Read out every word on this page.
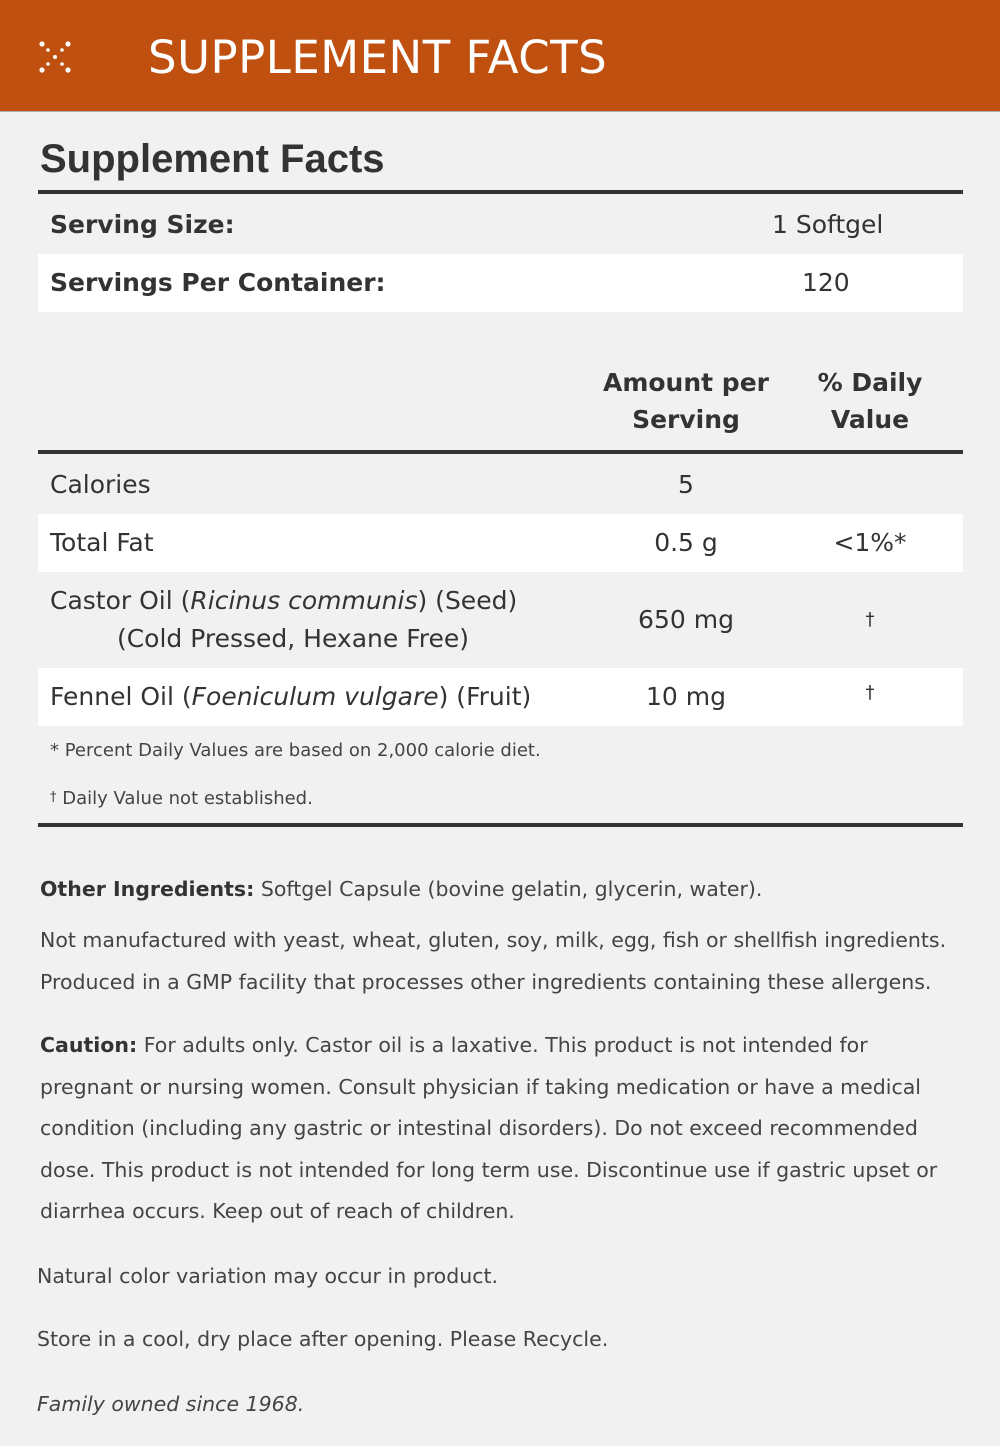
SUPPLEMENT FACTS
Supplement Facts
Serving Size:	1 Softgel
Servings Per Container:	120
Amount per
Serving
% Daily
Value
Calories	5
Total Fat	0.5 g	<1%*
Castor Oil (Ricinus communis) (Seed)
(Cold Pressed, Hexane Free)
650 mg	†
Fennel Oil (Foeniculum vulgare) (Fruit)	10 mg	†
* Percent Daily Values are based on 2,000 calorie diet.
† Daily Value not established.
Other Ingredients: Softgel Capsule (bovine gelatin, glycerin, water).
Not manufactured with yeast, wheat, gluten, soy, milk, egg, fish or shellfish ingredients. Produced in a GMP facility that processes other ingredients containing these allergens.
Caution: For adults only. Castor oil is a laxative. This product is not intended for pregnant or nursing women. Consult physician if taking medication or have a medical condition (including any gastric or intestinal disorders). Do not exceed recommended dose. This product is not intended for long term use. Discontinue use if gastric upset or diarrhea occurs. Keep out of reach of children.
Natural color variation may occur in product.
Store in a cool, dry place after opening. Please Recycle.
Family owned since 1968.
